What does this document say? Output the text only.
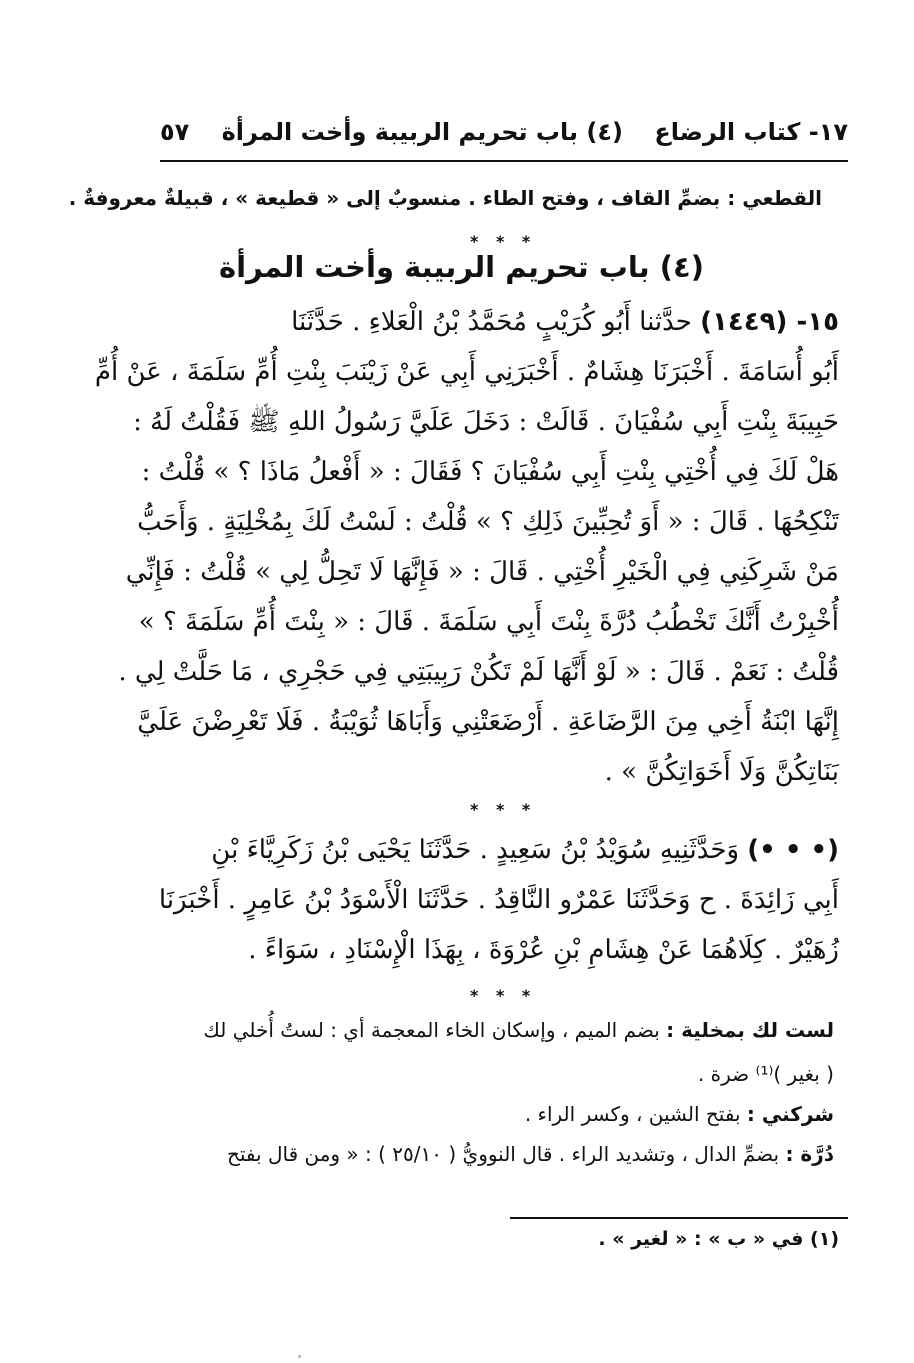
١٧- كتاب الرضاع
(٤) باب تحريم الربيبة وأخت المرأة
٥٧
القطعي : بضمِّ القاف ، وفتح الطاء . منسوبٌ إلى « قطيعة » ، قبيلةٌ معروفةٌ .
* * *
(٤) باب تحريم الربيبة وأخت المرأة
١٥- (١٤٤٩) حدَّثنا أَبُو كُرَيْبٍ مُحَمَّدُ بْنُ الْعَلاءِ . حَدَّثَنَا
أَبُو أُسَامَةَ . أَخْبَرَنَا هِشَامٌ . أَخْبَرَنِي أَبِي عَنْ زَيْنَبَ بِنْتِ أُمِّ سَلَمَةَ ، عَنْ أُمِّ
حَبِيبَةَ بِنْتِ أَبِي سُفْيَانَ . قَالَتْ : دَخَلَ عَلَيَّ رَسُولُ اللهِ ﷺ فَقُلْتُ لَهُ :
هَلْ لَكَ فِي أُخْتِي بِنْتِ أَبِي سُفْيَانَ ؟ فَقَالَ : « أَفْعلُ مَاذَا ؟ » قُلْتُ :
تَنْكِحُهَا . قَالَ : « أَوَ تُحِبِّينَ ذَلِكِ ؟ » قُلْتُ : لَسْتُ لَكَ بِمُخْلِيَةٍ . وَأَحَبُّ
مَنْ شَرِكَنِي فِي الْخَيْرِ أُخْتِي . قَالَ : « فَإِنَّهَا لَا تَحِلُّ لِي » قُلْتُ : فَإِنِّي
أُخْبِرْتُ أَنَّكَ تَخْطُبُ دُرَّةَ بِنْتَ أَبِي سَلَمَةَ . قَالَ : « بِنْتَ أُمِّ سَلَمَةَ ؟ »
قُلْتُ : نَعَمْ . قَالَ : « لَوْ أَنَّهَا لَمْ تَكُنْ رَبِيبَتِي فِي حَجْرِي ، مَا حَلَّتْ لِي .
إِنَّهَا ابْنَةُ أَخِي مِنَ الرَّضَاعَةِ . أَرْضَعَتْنِي وَأَبَاهَا ثُوَيْبَةُ . فَلَا تَعْرِضْنَ عَلَيَّ
بَنَاتِكُنَّ وَلَا أَخَوَاتِكُنَّ » .
* * *
(• • •) وَحَدَّثَنِيهِ سُوَيْدُ بْنُ سَعِيدٍ . حَدَّثَنَا يَحْيَى بْنُ زَكَرِيَّاءَ بْنِ
أَبِي زَائِدَةَ . ح وَحَدَّثَنَا عَمْرٌو النَّاقِدُ . حَدَّثَنَا الْأَسْوَدُ بْنُ عَامِرٍ . أَخْبَرَنَا
زُهَيْرٌ . كِلَاهُمَا عَنْ هِشَامِ بْنِ عُرْوَةَ ، بِهَذَا الْإِسْنَادِ ، سَوَاءً .
* * *
لست لك بمخلية : بضم الميم ، وإسكان الخاء المعجمة أي : لستُ أُخلي لك
( بغير )⁽¹⁾ ضرة .
شركني : بفتح الشين ، وكسر الراء .
دُرَّة : بضمِّ الدال ، وتشديد الراء . قال النوويُّ ( ٢٥/١٠ ) : « ومن قال بفتح
(١) في « ب » : « لغير » .
